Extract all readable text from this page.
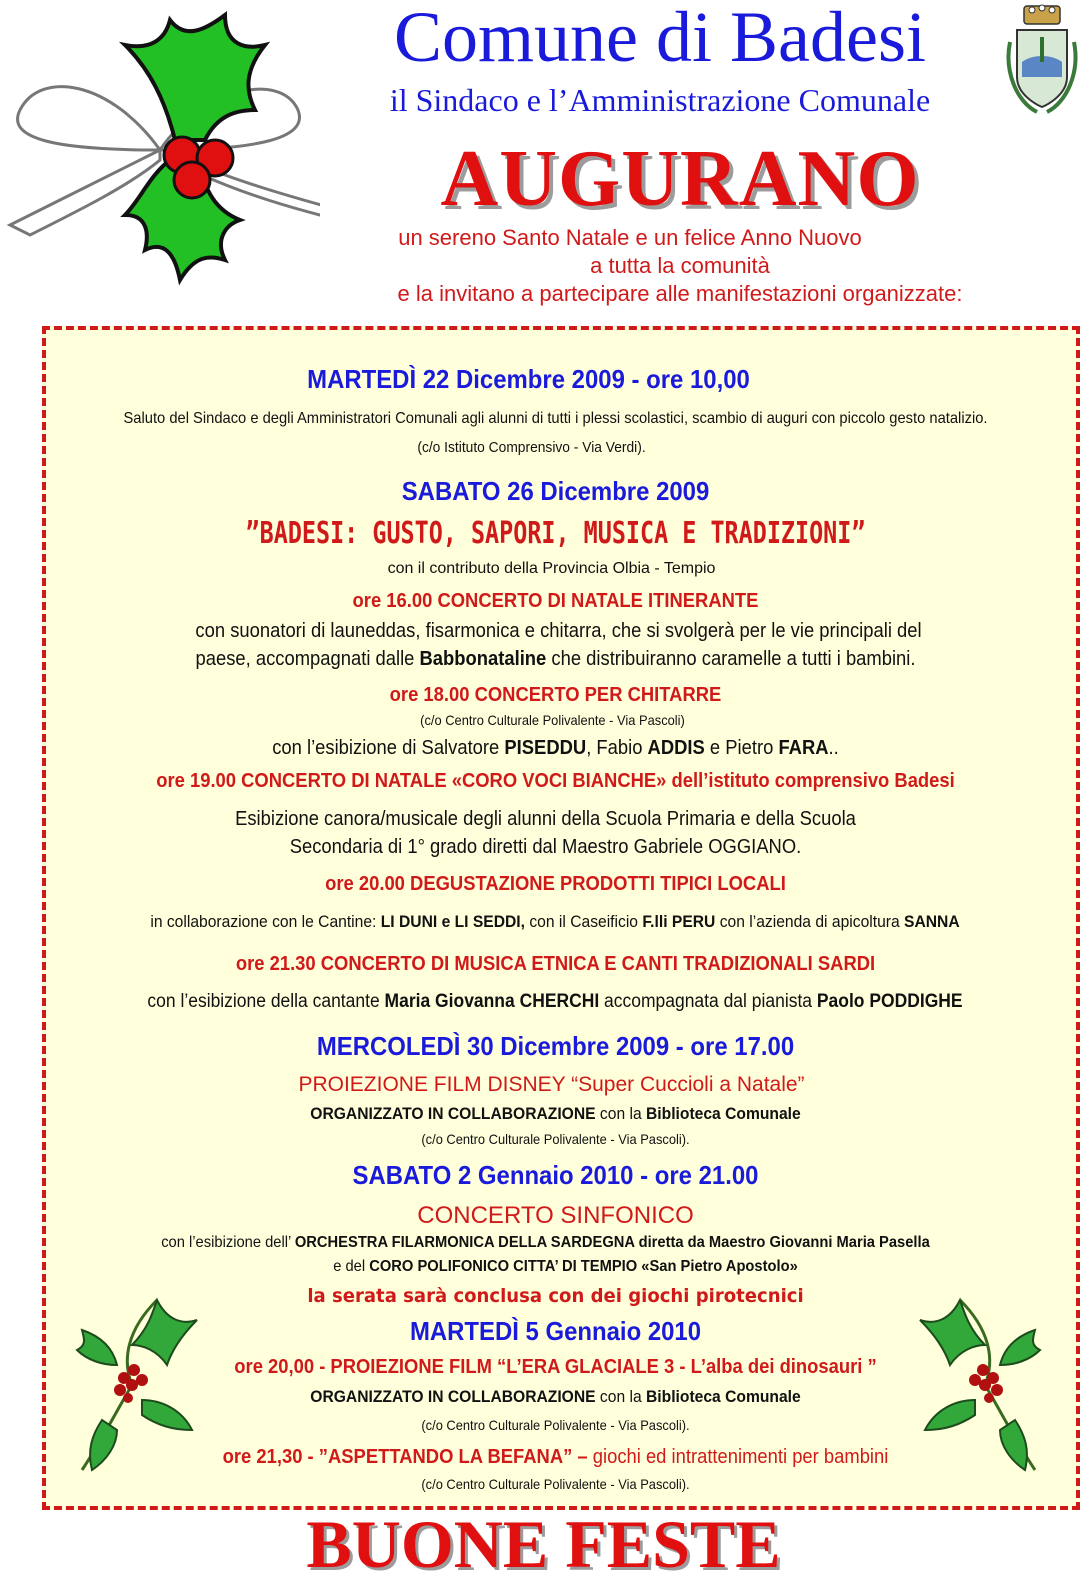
Comune di Badesi
il Sindaco e l’Amministrazione Comunale
AUGURANO
un sereno Santo Natale e un felice Anno Nuovo
a tutta la comunità
e la invitano a partecipare alle manifestazioni organizzate:
MARTEDÌ 22 Dicembre 2009 - ore 10,00
Saluto del Sindaco e degli Amministratori Comunali agli alunni di tutti i plessi scolastici, scambio di auguri con piccolo gesto natalizio.
(c/o Istituto Comprensivo - Via Verdi).
SABATO 26 Dicembre 2009
”BADESI: GUSTO, SAPORI, MUSICA E TRADIZIONI”
con il contributo della Provincia Olbia - Tempio
ore 16.00 CONCERTO DI NATALE ITINERANTE
con suonatori di launeddas, fisarmonica e chitarra, che si svolgerà per le vie principali del
paese, accompagnati dalle Babbonataline che distribuiranno caramelle a tutti i bambini.
ore 18.00 CONCERTO PER CHITARRE
(c/o Centro Culturale Polivalente - Via Pascoli)
con l’esibizione di Salvatore PISEDDU, Fabio ADDIS e Pietro FARA..
ore 19.00 CONCERTO DI NATALE «CORO VOCI BIANCHE» dell’istituto comprensivo Badesi
Esibizione canora/musicale degli alunni della Scuola Primaria e della Scuola
Secondaria di 1° grado diretti dal Maestro Gabriele OGGIANO.
ore 20.00 DEGUSTAZIONE PRODOTTI TIPICI LOCALI
in collaborazione con le Cantine: LI DUNI e LI SEDDI, con il Caseificio F.lli PERU con l’azienda di apicoltura SANNA
ore 21.30 CONCERTO DI MUSICA ETNICA E CANTI TRADIZIONALI SARDI
con l’esibizione della cantante Maria Giovanna CHERCHI accompagnata dal pianista Paolo PODDIGHE
MERCOLEDÌ 30 Dicembre 2009 - ore 17.00
PROIEZIONE FILM DISNEY “Super Cuccioli a Natale”
ORGANIZZATO IN COLLABORAZIONE con la Biblioteca Comunale
(c/o Centro Culturale Polivalente - Via Pascoli).
SABATO 2 Gennaio 2010 - ore 21.00
CONCERTO SINFONICO
con l’esibizione dell’ ORCHESTRA FILARMONICA DELLA SARDEGNA diretta da Maestro Giovanni Maria Pasella
e del CORO POLIFONICO CITTA’ DI TEMPIO «San Pietro Apostolo»
la serata sarà conclusa con dei giochi pirotecnici
MARTEDÌ 5 Gennaio 2010
ore 20,00 - PROIEZIONE FILM “L’ERA GLACIALE 3 - L’alba dei dinosauri ”
ORGANIZZATO IN COLLABORAZIONE con la Biblioteca Comunale
(c/o Centro Culturale Polivalente - Via Pascoli).
ore 21,30 - ”ASPETTANDO LA BEFANA” – giochi ed intrattenimenti per bambini
(c/o Centro Culturale Polivalente - Via Pascoli).
BUONE FESTE
